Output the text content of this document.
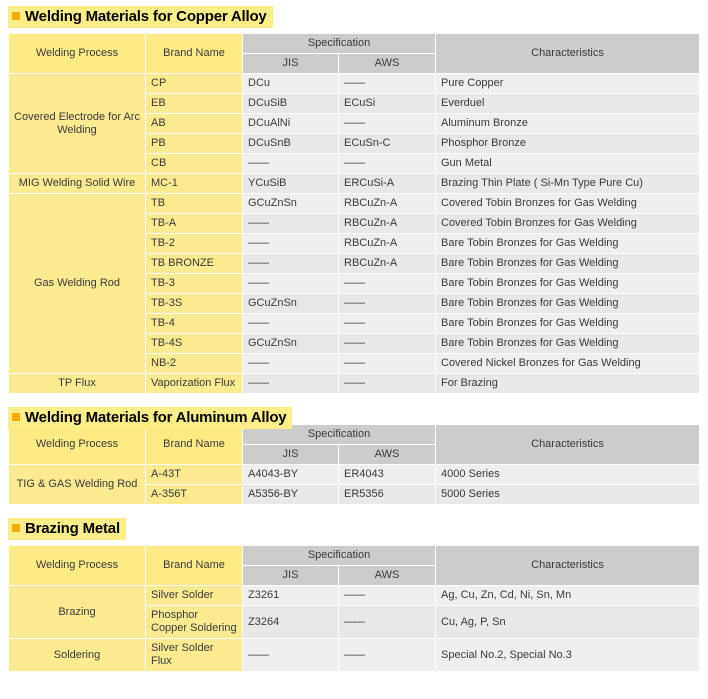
Welding Materials for Copper Alloy
Welding Process	Brand Name	Specification		Characteristics
		JIS	AWS	
Covered Electrode for Arc Welding	CP	DCu	——	Pure Copper
	EB	DCuSiB	ECuSi	Everduel
	AB	DCuAlNi	——	Aluminum Bronze
	PB	DCuSnB	ECuSn-C	Phosphor Bronze
	CB	——	——	Gun Metal
MIG Welding Solid Wire	MC-1	YCuSiB	ERCuSi-A	Brazing Thin Plate ( Si-Mn Type Pure Cu)
Gas Welding Rod	TB	GCuZnSn	RBCuZn-A	Covered Tobin Bronzes for Gas Welding
	TB-A	——	RBCuZn-A	Covered Tobin Bronzes for Gas Welding
	TB-2	——	RBCuZn-A	Bare Tobin Bronzes for Gas Welding
	TB BRONZE	——	RBCuZn-A	Bare Tobin Bronzes for Gas Welding
	TB-3	——	——	Bare Tobin Bronzes for Gas Welding
	TB-3S	GCuZnSn	——	Bare Tobin Bronzes for Gas Welding
	TB-4	——	——	Bare Tobin Bronzes for Gas Welding
	TB-4S	GCuZnSn	——	Bare Tobin Bronzes for Gas Welding
	NB-2	——	——	Covered Nickel Bronzes for Gas Welding
TP Flux	Vaporization Flux	——	——	For Brazing
Welding Materials for Aluminum Alloy
Welding Process	Brand Name	Specification		Characteristics
		JIS	AWS	
TIG & GAS Welding Rod	A-43T	A4043-BY	ER4043	4000 Series
	A-356T	A5356-BY	ER5356	5000 Series
Brazing Metal
Welding Process	Brand Name	Specification		Characteristics
		JIS	AWS	
Brazing	Silver Solder	Z3261	——	Ag, Cu, Zn, Cd, Ni, Sn, Mn
	Phosphor Copper Soldering	Z3264	——	Cu, Ag, P, Sn
Soldering	Silver Solder Flux	——	——	Special No.2, Special No.3
